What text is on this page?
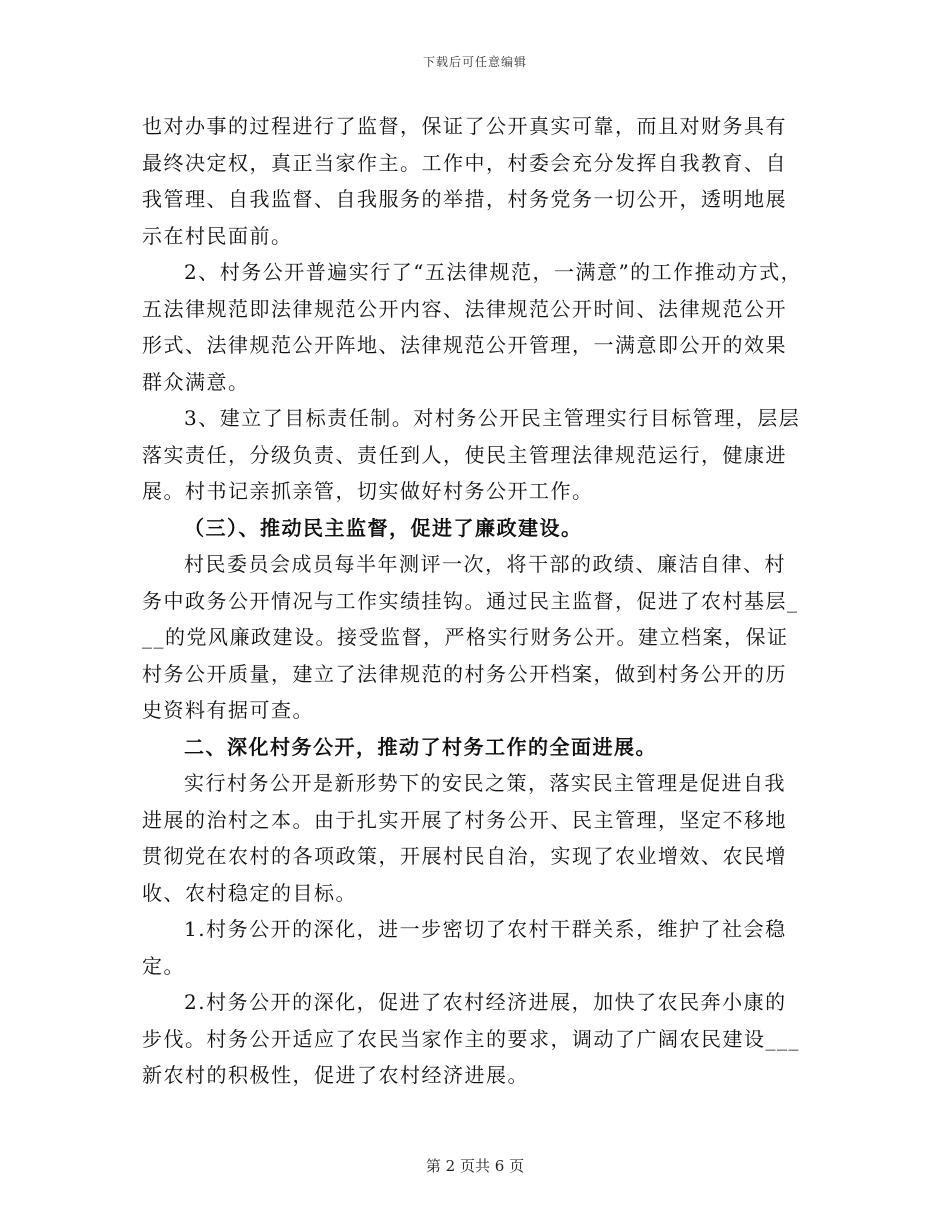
下载后可任意编辑
也对办事的过程进行了监督，保证了公开真实可靠，而且对财务具有
最终决定权，真正当家作主。工作中，村委会充分发挥自我教育、自
我管理、自我监督、自我服务的举措，村务党务一切公开，透明地展
示在村民面前。
2、村务公开普遍实行了“五法律规范，一满意”的工作推动方式，
五法律规范即法律规范公开内容、法律规范公开时间、法律规范公开
形式、法律规范公开阵地、法律规范公开管理，一满意即公开的效果
群众满意。
3、建立了目标责任制。对村务公开民主管理实行目标管理，层层
落实责任，分级负责、责任到人，使民主管理法律规范运行，健康进
展。村书记亲抓亲管，切实做好村务公开工作。
（三）、推动民主监督，促进了廉政建设。
村民委员会成员每半年测评一次，将干部的政绩、廉洁自律、村
务中政务公开情况与工作实绩挂钩。通过民主监督，促进了农村基层_
__的党风廉政建设。接受监督，严格实行财务公开。建立档案，保证
村务公开质量，建立了法律规范的村务公开档案，做到村务公开的历
史资料有据可查。
二、深化村务公开，推动了村务工作的全面进展。
实行村务公开是新形势下的安民之策，落实民主管理是促进自我
进展的治村之本。由于扎实开展了村务公开、民主管理，坚定不移地
贯彻党在农村的各项政策，开展村民自治，实现了农业增效、农民增
收、农村稳定的目标。
1.村务公开的深化，进一步密切了农村干群关系，维护了社会稳
定。
2.村务公开的深化，促进了农村经济进展，加快了农民奔小康的
步伐。村务公开适应了农民当家作主的要求，调动了广阔农民建设___
新农村的积极性，促进了农村经济进展。
第 2 页共 6 页
